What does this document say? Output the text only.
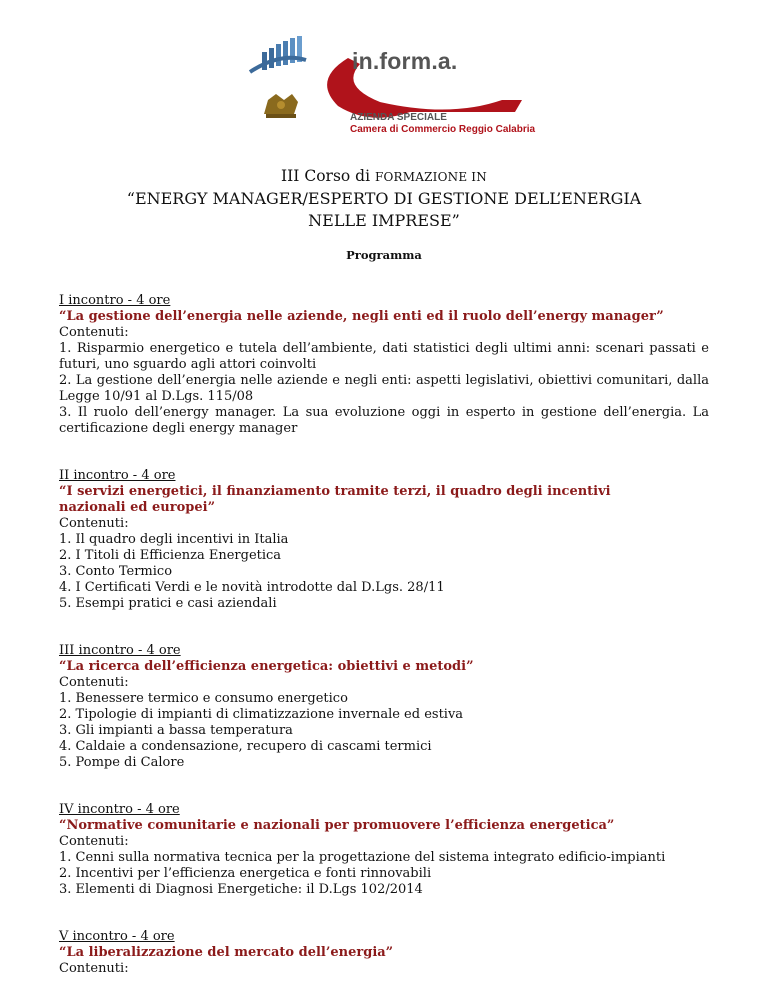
in.form.a.
AZIENDA SPECIALE
Camera di Commercio Reggio Calabria
III Corso di FORMAZIONE IN
“ENERGY MANAGER/ESPERTO DI GESTIONE DELL’ENERGIA
NELLE IMPRESE”
Programma
I incontro - 4 ore
“La gestione dell’energia nelle aziende, negli enti ed il ruolo dell’energy manager”
Contenuti:
1. Risparmio energetico e tutela dell’ambiente, dati statistici degli ultimi anni: scenari passati e futuri, uno sguardo agli attori coinvolti
2. La gestione dell’energia nelle aziende e negli enti: aspetti legislativi, obiettivi comunitari, dalla Legge 10/91 al D.Lgs. 115/08
3. Il ruolo dell’energy manager. La sua evoluzione oggi in esperto in gestione dell’energia. La certificazione degli energy manager
II incontro - 4 ore
“I servizi energetici, il finanziamento tramite terzi, il quadro degli incentivi
nazionali ed europei”
Contenuti:
1. Il quadro degli incentivi in Italia
2. I Titoli di Efficienza Energetica
3. Conto Termico
4. I Certificati Verdi e le novità introdotte dal D.Lgs. 28/11
5. Esempi pratici e casi aziendali
III incontro - 4 ore
“La ricerca dell’efficienza energetica: obiettivi e metodi”
Contenuti:
1. Benessere termico e consumo energetico
2. Tipologie di impianti di climatizzazione invernale ed estiva
3. Gli impianti a bassa temperatura
4. Caldaie a condensazione, recupero di cascami termici
5. Pompe di Calore
IV incontro - 4 ore
“Normative comunitarie e nazionali per promuovere l’efficienza energetica”
Contenuti:
1. Cenni sulla normativa tecnica per la progettazione del sistema integrato edificio-impianti
2. Incentivi per l’efficienza energetica e fonti rinnovabili
3. Elementi di Diagnosi Energetiche: il D.Lgs 102/2014
V incontro - 4 ore
“La liberalizzazione del mercato dell’energia”
Contenuti:
